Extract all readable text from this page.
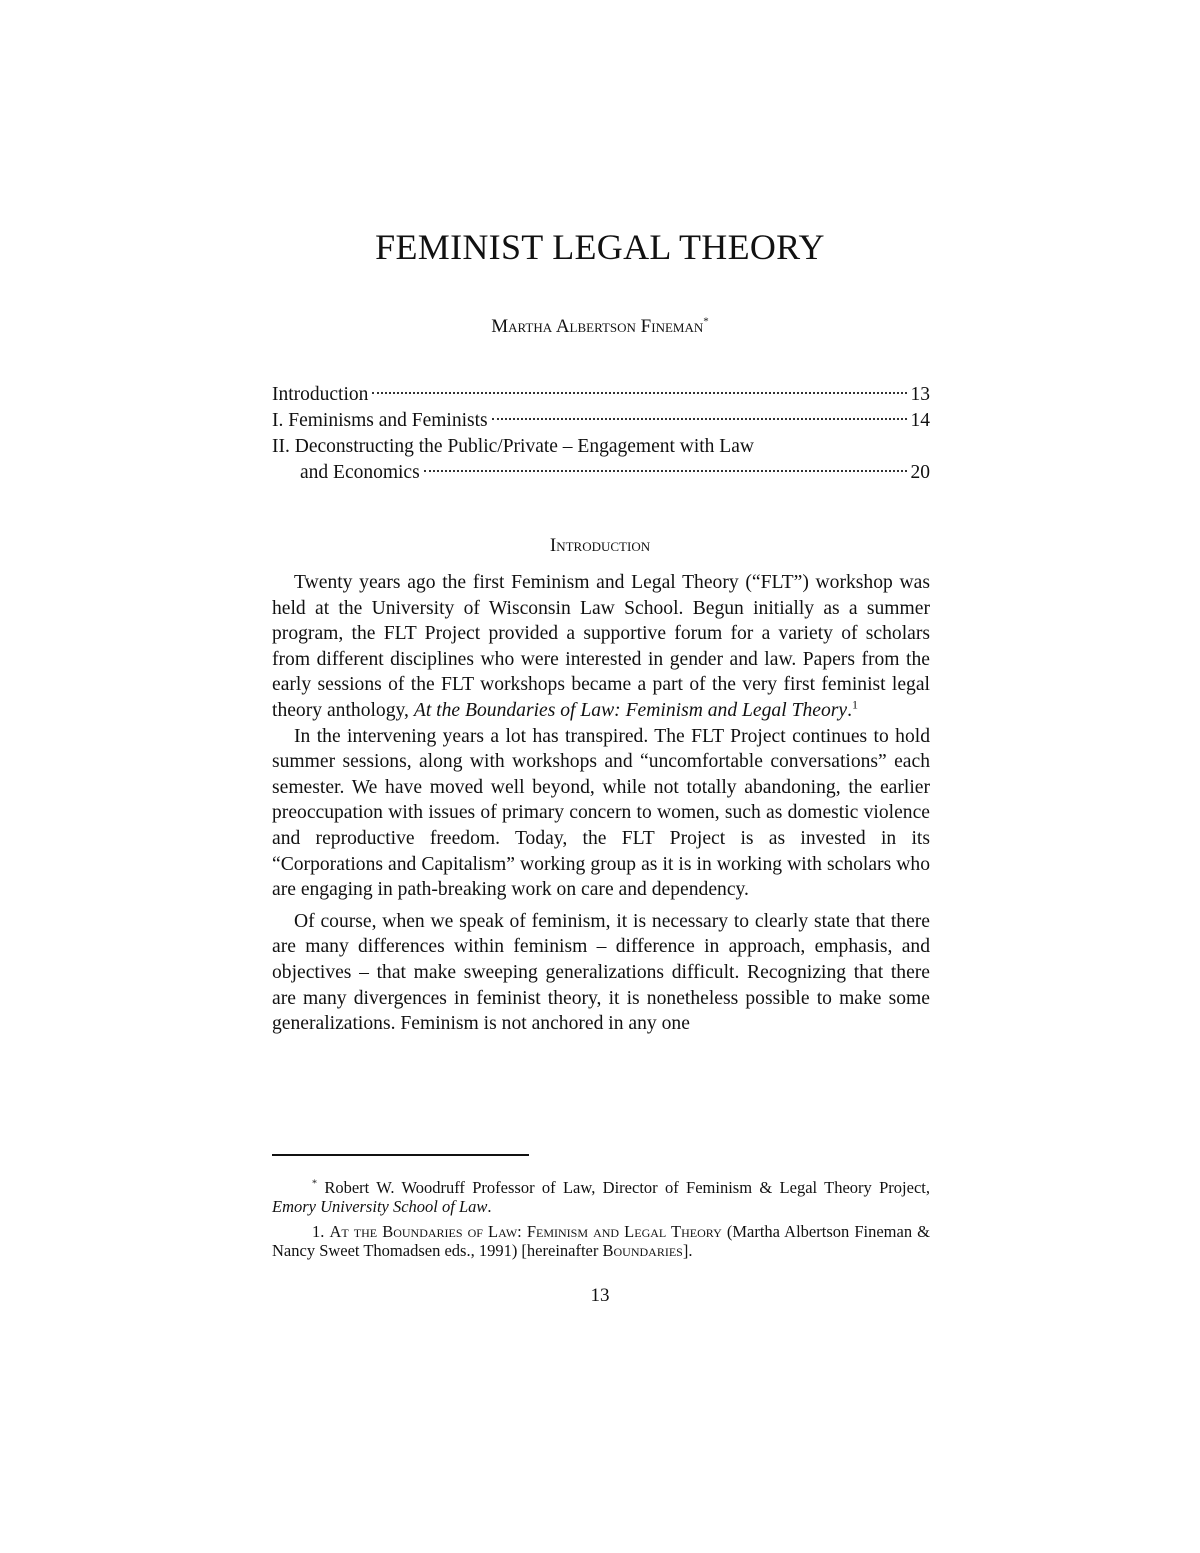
FEMINIST LEGAL THEORY
Martha Albertson Fineman*
Introduction	13
I. Feminisms and Feminists	14
II. Deconstructing the Public/Private – Engagement with Law
and Economics	20
Introduction

Twenty years ago the first Feminism and Legal Theory (“FLT”) workshop was held at the University of Wisconsin Law School. Begun initially as a summer program, the FLT Project provided a supportive forum for a variety of scholars from different disciplines who were interested in gender and law. Papers from the early sessions of the FLT workshops became a part of the very first feminist legal theory anthology, At the Boundaries of Law: Feminism and Legal Theory.$^1$

In the intervening years a lot has transpired. The FLT Project continues to hold summer sessions, along with workshops and “uncomfortable conversations” each semester. We have moved well beyond, while not totally abandoning, the earlier preoccupation with issues of primary concern to women, such as domestic violence and reproductive freedom. Today, the FLT Project is as invested in its “Corporations and Capitalism” working group as it is in working with scholars who are engaging in path-breaking work on care and dependency.

Of course, when we speak of feminism, it is necessary to clearly state that there are many differences within feminism – difference in approach, emphasis, and objectives – that make sweeping generalizations difficult. Recognizing that there are many divergences in feminist theory, it is nonetheless possible to make some generalizations. Feminism is not anchored in any one

* Robert W. Woodruff Professor of Law, Director of Feminism & Legal Theory Project, Emory University School of Law.

1. At the Boundaries of Law: Feminism and Legal Theory (Martha Albertson Fineman & Nancy Sweet Thomadsen eds., 1991) [hereinafter Boundaries].

13
